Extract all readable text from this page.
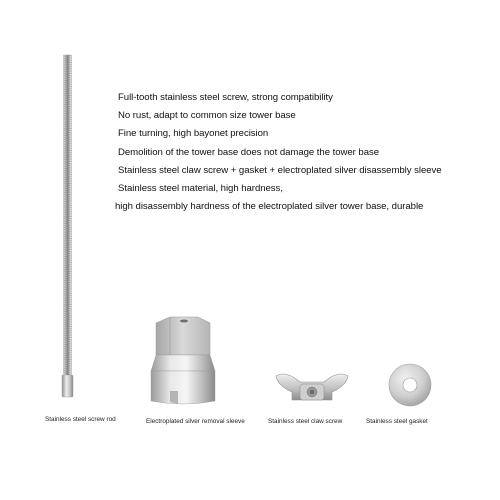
Full-tooth stainless steel screw, strong compatibility
No rust, adapt to common size tower base
Fine turning, high bayonet precision
Demolition of the tower base does not damage the tower base
Stainless steel claw screw + gasket + electroplated silver disassembly sleeve
Stainless steel material, high hardness,
high disassembly hardness of the electroplated silver tower base, durable
Stainless steel screw rod	Electroplated silver removal sleeve	Stainless steel claw screw	Stainless steel gasket
